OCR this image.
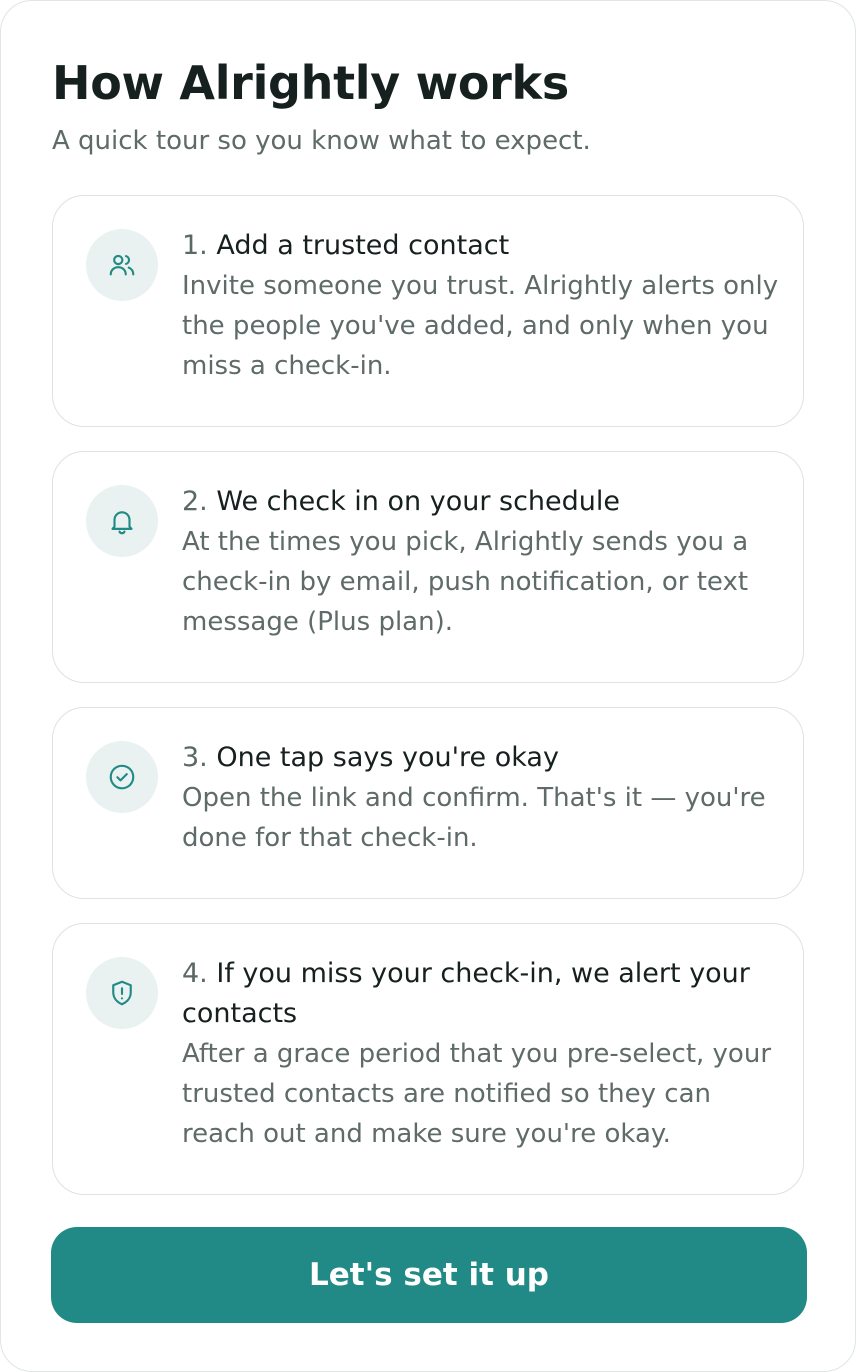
How Alrightly works

A quick tour so you know what to expect.

1. Add a trusted contact

Invite someone you trust. Alrightly alerts only the people you've added, and only when you miss a check-in.

2. We check in on your schedule

At the times you pick, Alrightly sends you a check-in by email, push notification, or text message (Plus plan).

3. One tap says you're okay

Open the link and confirm. That's it — you're done for that check-in.

4. If you miss your check-in, we alert your contacts

After a grace period that you pre-select, your trusted contacts are notified so they can reach out and make sure you're okay.

Let's set it up
